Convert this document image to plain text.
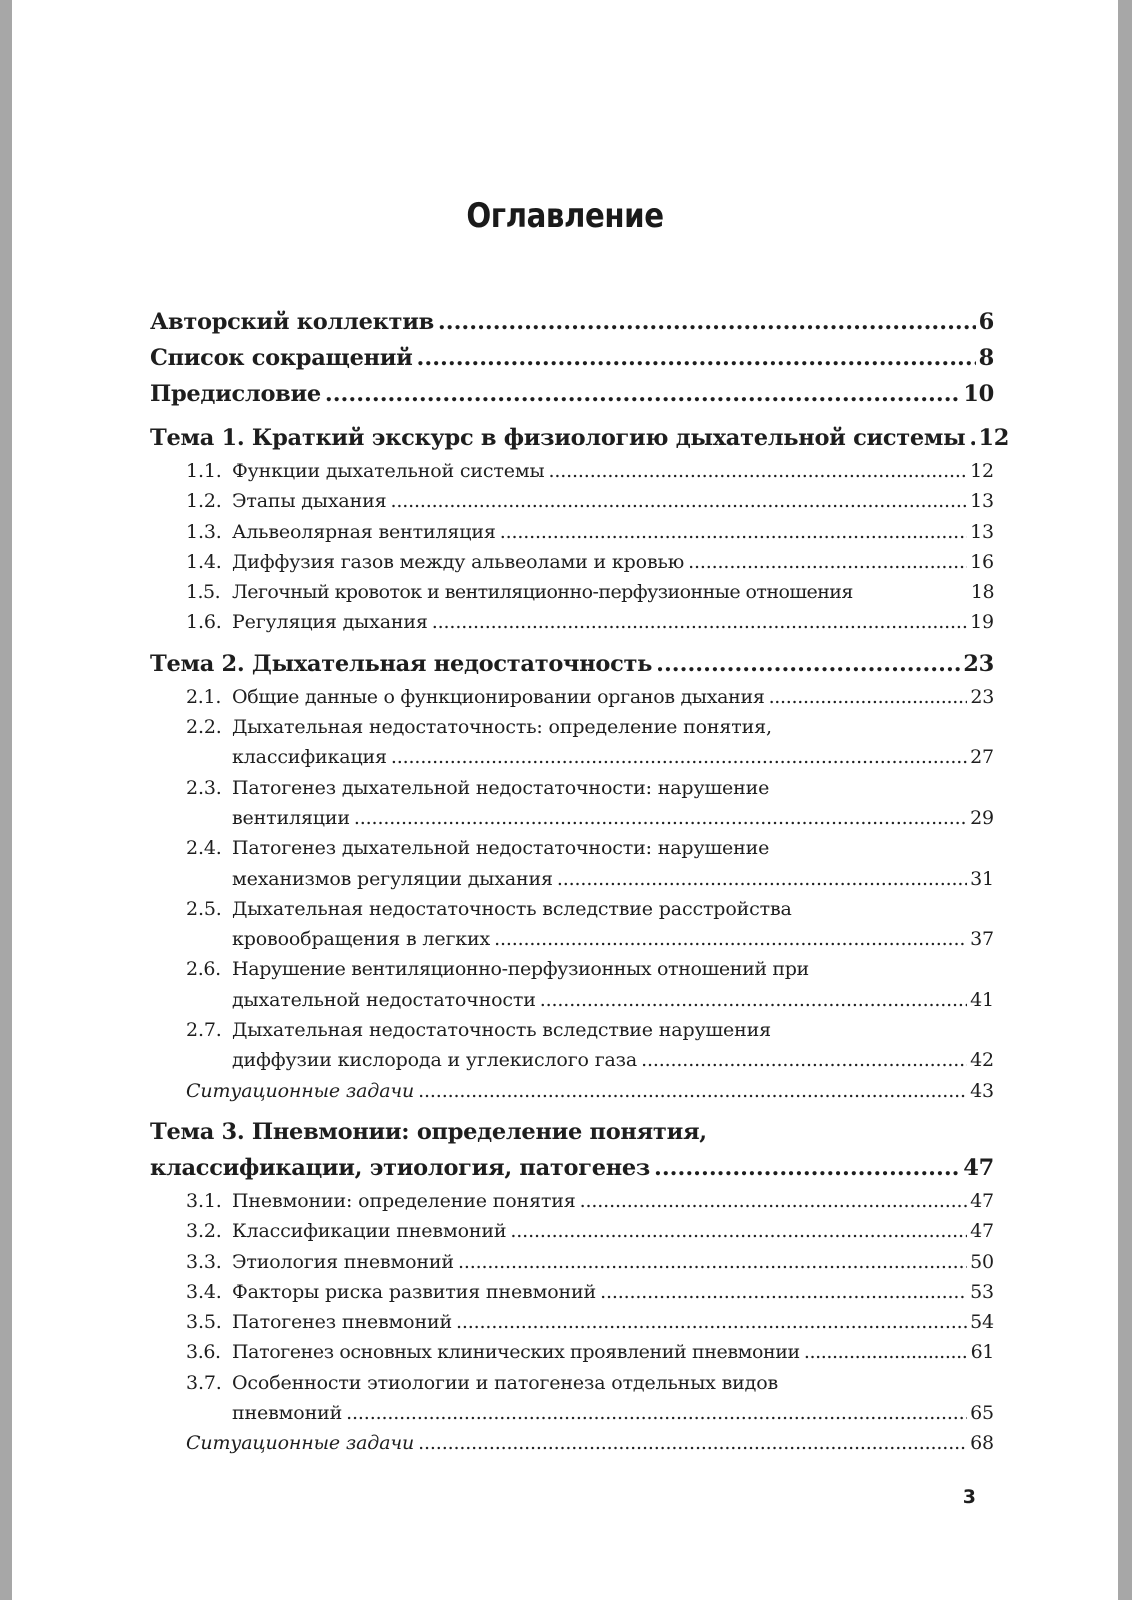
Оглавление
Авторский коллектив .....	6
Список сокращений .....	8
Предисловие .....	10
Тема 1. Краткий экскурс в физиологию дыхательной системы ..... 12
1.1. Функции дыхательной системы .....	12
1.2. Этапы дыхания .....	13
1.3. Альвеолярная вентиляция .....	13
1.4. Диффузия газов между альвеолами и кровью .....	16
1.5. Легочный кровоток и вентиляционно-перфузионные отношения	18
1.6. Регуляция дыхания .....	19
Тема 2. Дыхательная недостаточность .....	23
2.1. Общие данные о функционировании органов дыхания .....	23
2.2. Дыхательная недостаточность: определение понятия,
классификация .....	27
2.3. Патогенез дыхательной недостаточности: нарушение
вентиляции .....	29
2.4. Патогенез дыхательной недостаточности: нарушение
механизмов регуляции дыхания .....	31
2.5. Дыхательная недостаточность вследствие расстройства
кровообращения в легких .....	37
2.6. Нарушение вентиляционно-перфузионных отношений при
дыхательной недостаточности .....	41
2.7. Дыхательная недостаточность вследствие нарушения
диффузии кислорода и углекислого газа .....	42
Ситуационные задачи .....	43
Тема 3. Пневмонии: определение понятия,
классификации, этиология, патогенез .....	47
3.1. Пневмонии: определение понятия .....	47
3.2. Классификации пневмоний .....	47
3.3. Этиология пневмоний .....	50
3.4. Факторы риска развития пневмоний .....	53
3.5. Патогенез пневмоний .....	54
3.6. Патогенез основных клинических проявлений пневмонии .....	61
3.7. Особенности этиологии и патогенеза отдельных видов
пневмоний .....	65
Ситуационные задачи .....	68
3
